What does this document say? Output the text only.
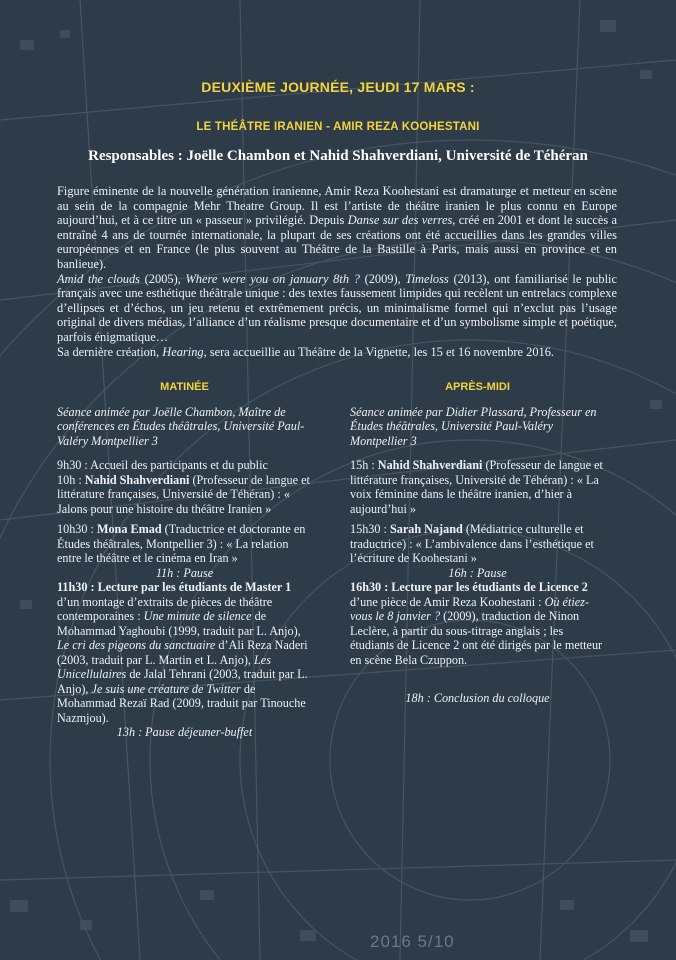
DEUXIÈME JOURNÉE, JEUDI 17 MARS :
LE THÉÂTRE IRANIEN - AMIR REZA KOOHESTANI
Responsables : Joëlle Chambon et Nahid Shahverdiani, Université de Téhéran

Figure éminente de la nouvelle génération iranienne, Amir Reza Koohestani est dramaturge et metteur en scène au sein de la compagnie Mehr Theatre Group. Il est l’artiste de théâtre iranien le plus connu en Europe aujourd’hui, et à ce titre un « passeur » privilégié. Depuis Danse sur des verres, créé en 2001 et dont le succès a entraîné 4 ans de tournée internationale, la plupart de ses créations ont été accueillies dans les grandes villes européennes et en France (le plus souvent au Théâtre de la Bastille à Paris, mais aussi en province et en banlieue).

Amid the clouds (2005), Where were you on january 8th ? (2009), Timeloss (2013), ont familiarisé le public français avec une esthétique théâtrale unique : des textes faussement limpides qui recèlent un entrelacs complexe d’ellipses et d’échos, un jeu retenu et extrêmement précis, un minimalisme formel qui n’exclut pas l’usage original de divers médias, l’alliance d’un réalisme presque documentaire et d’un symbolisme simple et poétique, parfois énigmatique…

Sa dernière création, Hearing, sera accueillie au Théâtre de la Vignette, les 15 et 16 novembre 2016.

MATINÉE

Séance animée par Joëlle Chambon, Maître de conférences en Études théâtrales, Université Paul-Valéry Montpellier 3

9h30 : Accueil des participants et du public

10h : Nahid Shahverdiani (Professeur de langue et littérature françaises, Université de Téhéran) : « Jalons pour une histoire du théâtre Iranien »

10h30 : Mona Emad (Traductrice et doctorante en Études théâtrales, Montpellier 3) : « La relation entre le théâtre et le cinéma en Iran »

11h : Pause

11h30 : Lecture par les étudiants de Master 1 d’un montage d’extraits de pièces de théâtre contemporaines : Une minute de silence de Mohammad Yaghoubi (1999, traduit par L. Anjo), Le cri des pigeons du sanctuaire d’Ali Reza Naderi (2003, traduit par L. Martin et L. Anjo), Les Unicellulaires de Jalal Tehrani (2003, traduit par L. Anjo), Je suis une créature de Twitter de Mohammad Rezaï Rad (2009, traduit par Tinouche Nazmjou).

13h : Pause déjeuner-buffet

APRÈS-MIDI

Séance animée par Didier Plassard, Professeur en Études théâtrales, Université Paul-Valéry Montpellier 3

15h : Nahid Shahverdiani (Professeur de langue et littérature françaises, Université de Téhéran) : « La voix féminine dans le théâtre iranien, d’hier à aujourd’hui »

15h30 : Sarah Najand (Médiatrice culturelle et traductrice) : « L’ambivalence dans l’esthétique et l’écriture de Koohestani »

16h : Pause

16h30 : Lecture par les étudiants de Licence 2 d’une pièce de Amir Reza Koohestani : Où étiez-vous le 8 janvier ? (2009), traduction de Ninon Leclère, à partir du sous-titrage anglais ; les étudiants de Licence 2 ont été dirigés par le metteur en scène Bela Czuppon.

18h : Conclusion du colloque

2016 5/10
